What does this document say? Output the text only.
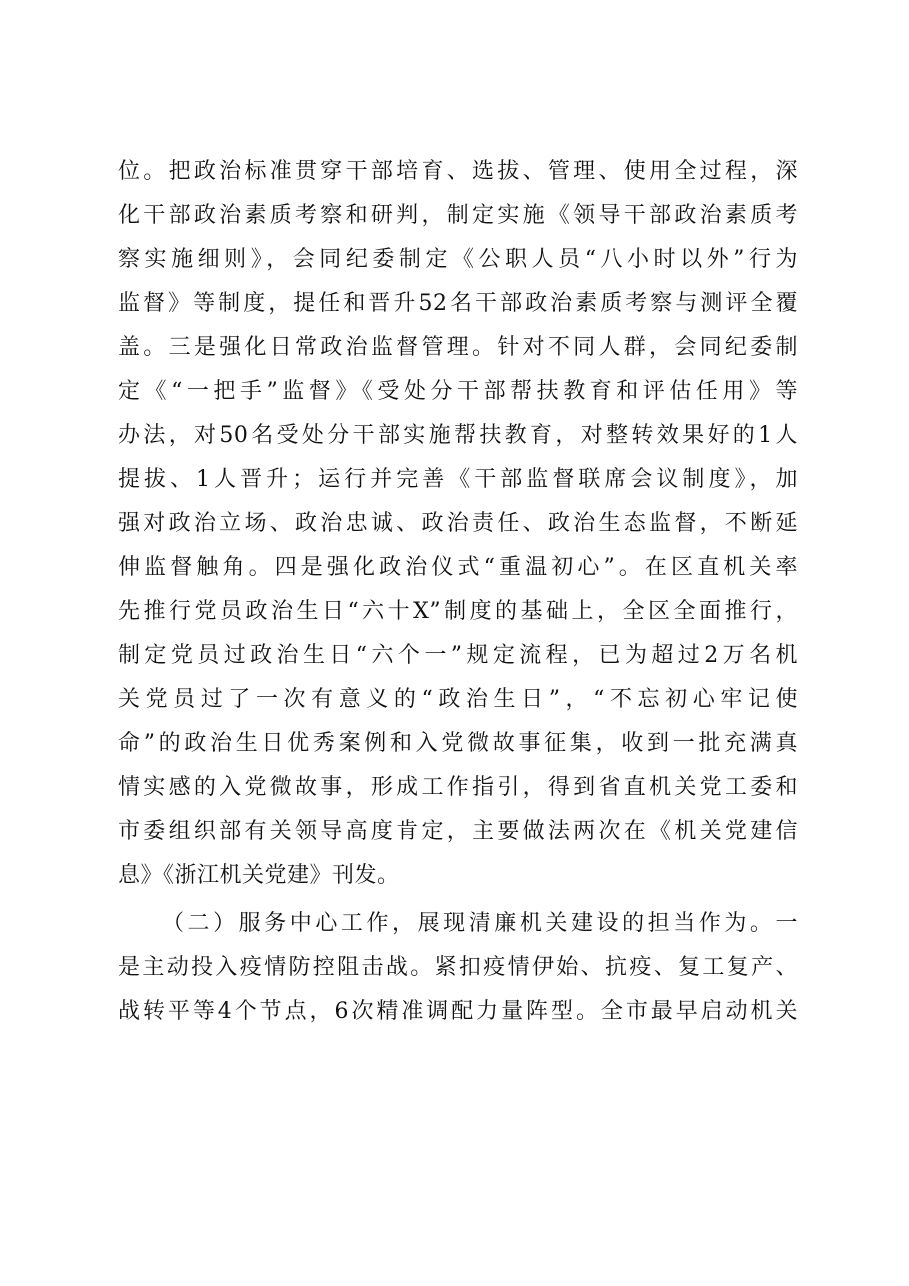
位。把政治标准贯穿干部培育、选拔、管理、使用全过程，深
化干部政治素质考察和研判，制定实施《领导干部政治素质考
察实施细则》，会同纪委制定《公职人员“八小时以外”行为
监督》等制度，提任和晋升52名干部政治素质考察与测评全覆
盖。三是强化日常政治监督管理。针对不同人群，会同纪委制
定《“一把手”监督》《受处分干部帮扶教育和评估任用》等
办法，对50名受处分干部实施帮扶教育，对整转效果好的1人
提拔、1人晋升；运行并完善《干部监督联席会议制度》，加
强对政治立场、政治忠诚、政治责任、政治生态监督，不断延
伸监督触角。四是强化政治仪式“重温初心”。在区直机关率
先推行党员政治生日“六十X”制度的基础上，全区全面推行，
制定党员过政治生日“六个一”规定流程，已为超过2万名机
关党员过了一次有意义的“政治生日”，“不忘初心牢记使
命”的政治生日优秀案例和入党微故事征集，收到一批充满真
情实感的入党微故事，形成工作指引，得到省直机关党工委和
市委组织部有关领导高度肯定，主要做法两次在《机关党建信
息》《浙江机关党建》刊发。
（二）服务中心工作，展现清廉机关建设的担当作为。一
是主动投入疫情防控阻击战。紧扣疫情伊始、抗疫、复工复产、
战转平等4个节点，6次精准调配力量阵型。全市最早启动机关
